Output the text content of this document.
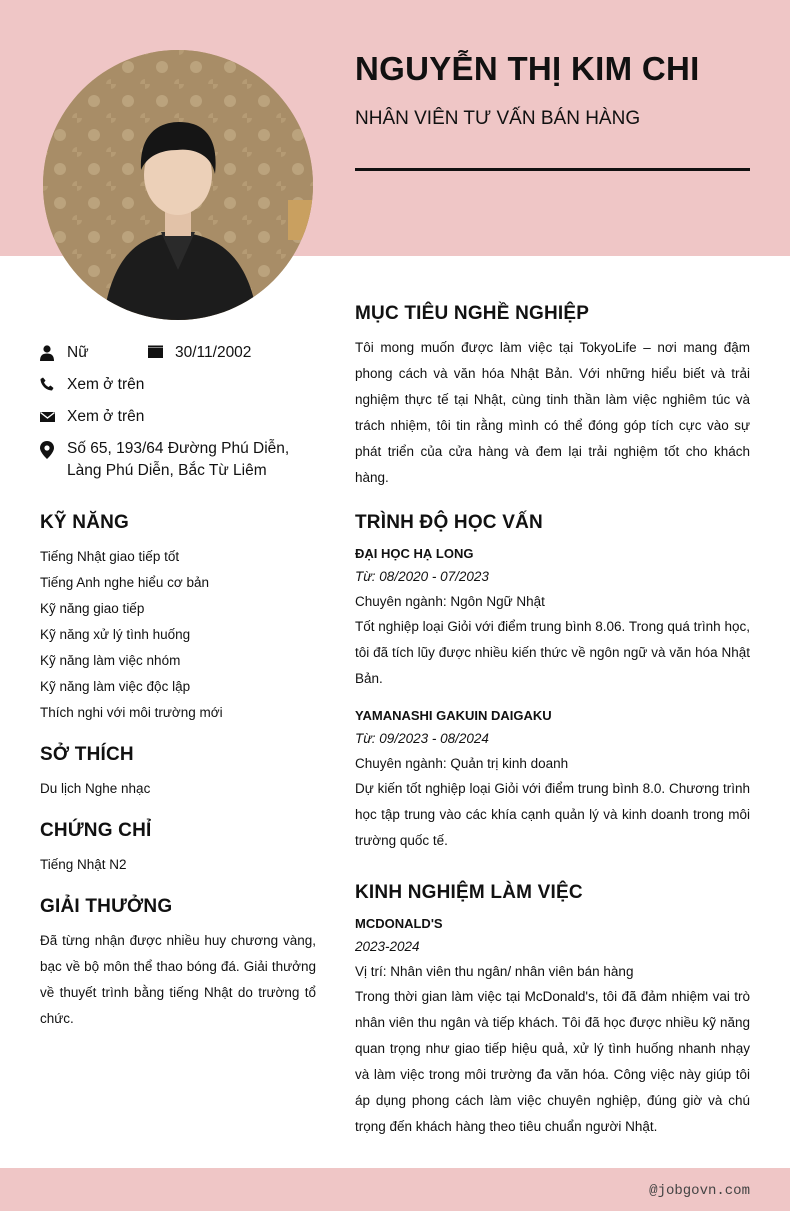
NGUYỄN THỊ KIM CHI
NHÂN VIÊN TƯ VẤN BÁN HÀNG
Nữ	30/11/2002
Xem ở trên
Xem ở trên
Số 65, 193/64 Đường Phú Diễn,
Làng Phú Diễn, Bắc Từ Liêm
KỸ NĂNG
Tiếng Nhật giao tiếp tốt
Tiếng Anh nghe hiểu cơ bản
Kỹ năng giao tiếp
Kỹ năng xử lý tình huống
Kỹ năng làm việc nhóm
Kỹ năng làm việc độc lập
Thích nghi với môi trường mới
SỞ THÍCH
Du lịch Nghe nhạc
CHỨNG CHỈ
Tiếng Nhật N2
GIẢI THƯỞNG
Đã từng nhận được nhiều huy chương vàng, bạc về bộ môn thể thao bóng đá. Giải thưởng về thuyết trình bằng tiếng Nhật do trường tổ chức.
MỤC TIÊU NGHỀ NGHIỆP
Tôi mong muốn được làm việc tại TokyoLife – nơi mang đậm phong cách và văn hóa Nhật Bản. Với những hiểu biết và trải nghiệm thực tế tại Nhật, cùng tinh thần làm việc nghiêm túc và trách nhiệm, tôi tin rằng mình có thể đóng góp tích cực vào sự phát triển của cửa hàng và đem lại trải nghiệm tốt cho khách hàng.
TRÌNH ĐỘ HỌC VẤN
ĐẠI HỌC HẠ LONG
Từ: 08/2020 - 07/2023
Chuyên ngành: Ngôn Ngữ Nhật
Tốt nghiệp loại Giỏi với điểm trung bình 8.06. Trong quá trình học, tôi đã tích lũy được nhiều kiến thức về ngôn ngữ và văn hóa Nhật Bản.
YAMANASHI GAKUIN DAIGAKU
Từ: 09/2023 - 08/2024
Chuyên ngành: Quản trị kinh doanh
Dự kiến tốt nghiệp loại Giỏi với điểm trung bình 8.0. Chương trình học tập trung vào các khía cạnh quản lý và kinh doanh trong môi trường quốc tế.
KINH NGHIỆM LÀM VIỆC
MCDONALD'S
2023-2024
Vị trí: Nhân viên thu ngân/ nhân viên bán hàng
Trong thời gian làm việc tại McDonald's, tôi đã đảm nhiệm vai trò nhân viên thu ngân và tiếp khách. Tôi đã học được nhiều kỹ năng quan trọng như giao tiếp hiệu quả, xử lý tình huống nhanh nhạy và làm việc trong môi trường đa văn hóa. Công việc này giúp tôi áp dụng phong cách làm việc chuyên nghiệp, đúng giờ và chú trọng đến khách hàng theo tiêu chuẩn người Nhật.
@jobgovn.com
